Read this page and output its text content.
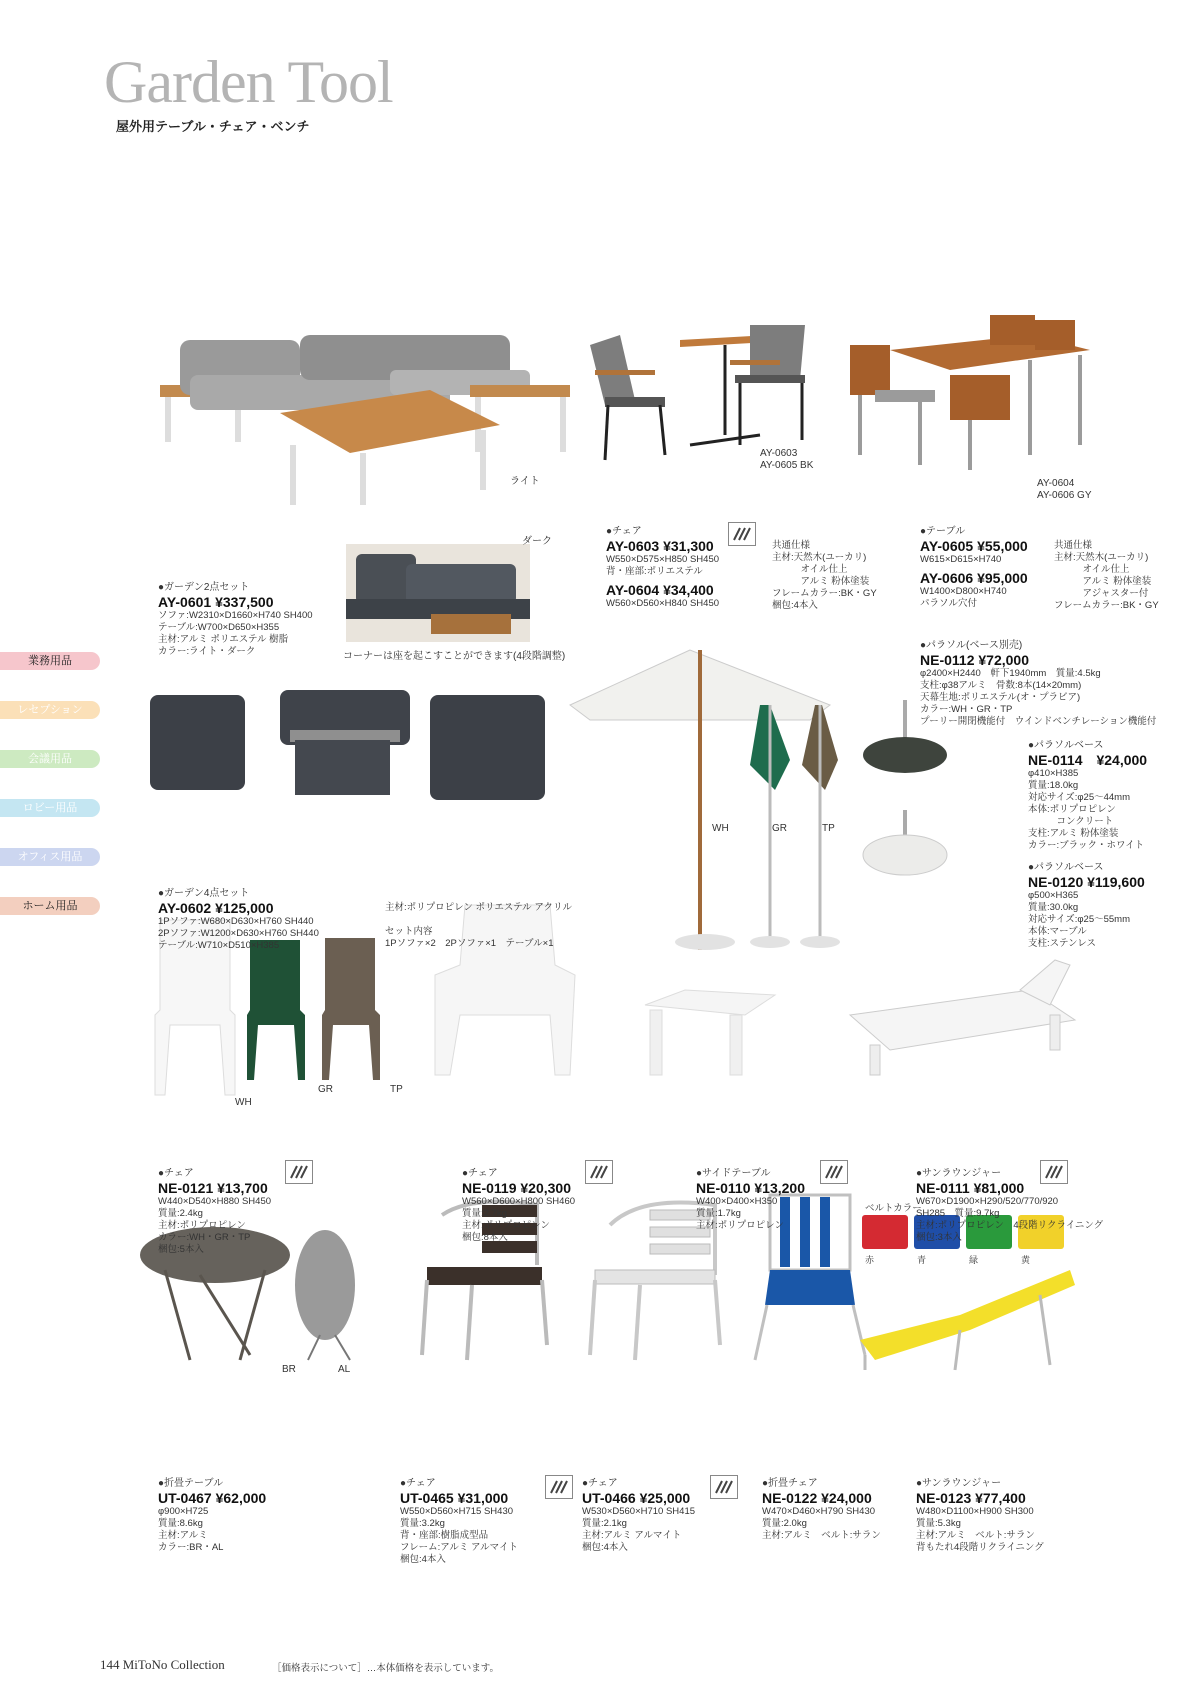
Garden Tool
屋外用テーブル・チェア・ベンチ
業務用品
レセプション
会議用品
ロビー用品
オフィス用品
ホーム用品
ライト
ダーク
コーナーは座を起こすことができます(4段階調整)
AY-0603
AY-0605 BK
AY-0604
AY-0606 GY
WH	GR	TP
WH
GR	TP
BR	AL
ベルトカラー
赤	青	緑	黄
●ガーデン2点セット
AY-0601 ¥337,500
ソファ:W2310×D1660×H740 SH400
テーブル:W700×D650×H355
主材:アルミ ポリエステル 樹脂
カラー:ライト・ダーク
●チェア
AY-0603 ¥31,300
W550×D575×H850 SH450
背・座部:ポリエステル
AY-0604 ¥34,400
W560×D560×H840 SH450
共通仕様
主材:天然木(ユーカリ)
　　　オイル仕上
　　　アルミ 粉体塗装
フレームカラー:BK・GY
梱包:4本入
●テーブル
AY-0605 ¥55,000
W615×D615×H740
AY-0606 ¥95,000
W1400×D800×H740
パラソル穴付
共通仕様
主材:天然木(ユーカリ)
　　　オイル仕上
　　　アルミ 粉体塗装
　　　アジャスター付
フレームカラー:BK・GY
●パラソル(ベース別売)
NE-0112 ¥72,000
φ2400×H2440　軒下1940mm　質量:4.5kg
支柱:φ38アルミ　骨数:8本(14×20mm)
天幕生地:ポリエステル(オ・プラビア)
カラー:WH・GR・TP
プーリー開閉機能付　ウインドベンチレーション機能付
●パラソルベース
NE-0114　¥24,000
φ410×H385
質量:18.0kg
対応サイズ:φ25～44mm
本体:ポリプロピレン
　　　コンクリート
支柱:アルミ 粉体塗装
カラー:ブラック・ホワイト
●パラソルベース
NE-0120 ¥119,600
φ500×H365
質量:30.0kg
対応サイズ:φ25～55mm
本体:マーブル
支柱:ステンレス
●ガーデン4点セット
AY-0602 ¥125,000
1Pソファ:W680×D630×H760 SH440
2Pソファ:W1200×D630×H760 SH440
テーブル:W710×D510×H385
主材:ポリプロピレン ポリエステル アクリル
セット内容
1Pソファ×2　2Pソファ×1　テーブル×1
●チェア
NE-0121 ¥13,700
W440×D540×H880 SH450
質量:2.4kg
主材:ポリプロピレン
カラー:WH・GR・TP
梱包:5本入
●チェア
NE-0119 ¥20,300
W560×D600×H800 SH460
質量:2.7kg
主材:ポリプロピレン
梱包:8本入
●サイドテーブル
NE-0110 ¥13,200
W400×D400×H350
質量:1.7kg
主材:ポリプロピレン
●サンラウンジャー
NE-0111 ¥81,000
W670×D1900×H290/520/770/920
SH285　質量:9.7kg
主材:ポリプロピレン　4段階リクライニング
梱包:3本入
●折畳テーブル
UT-0467 ¥62,000
φ900×H725
質量:8.6kg
主材:アルミ
カラー:BR・AL
●チェア
UT-0465 ¥31,000
W550×D560×H715 SH430
質量:3.2kg
背・座部:樹脂成型品
フレーム:アルミ アルマイト
梱包:4本入
●チェア
UT-0466 ¥25,000
W530×D560×H710 SH415
質量:2.1kg
主材:アルミ アルマイト
梱包:4本入
●折畳チェア
NE-0122 ¥24,000
W470×D460×H790 SH430
質量:2.0kg
主材:アルミ　ベルト:サラン
●サンラウンジャー
NE-0123 ¥77,400
W480×D1100×H900 SH300
質量:5.3kg
主材:アルミ　ベルト:サラン
背もたれ4段階リクライニング
144 MiToNo Collection	［価格表示について］…本体価格を表示しています。
